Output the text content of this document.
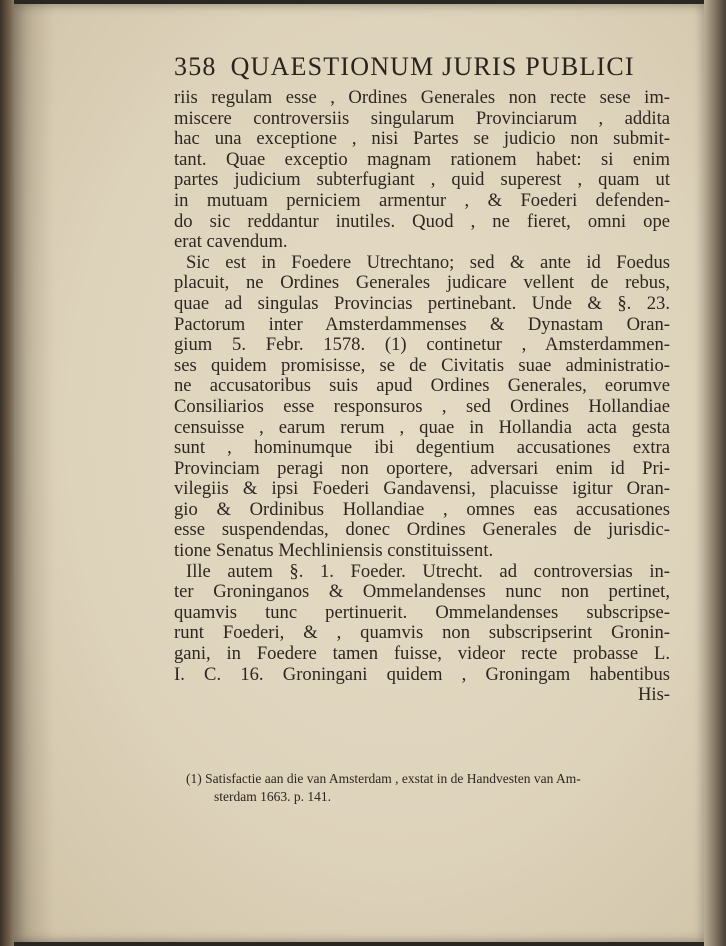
358 QUAESTIONUM JURIS PUBLICI
riis regulam esse , Ordines Generales non recte sese im-
miscere controversiis singularum Provinciarum , addita
hac una exceptione , nisi Partes se judicio non submit-
tant. Quae exceptio magnam rationem habet: si enim
partes judicium subterfugiant , quid superest , quam ut
in mutuam perniciem armentur , & Foederi defenden-
do sic reddantur inutiles. Quod , ne fieret, omni ope
erat cavendum.
Sic est in Foedere Utrechtano; sed & ante id Foedus
placuit, ne Ordines Generales judicare vellent de rebus,
quae ad singulas Provincias pertinebant. Unde & §. 23.
Pactorum inter Amsterdammenses & Dynastam Oran-
gium 5. Febr. 1578. (1) continetur , Amsterdammen-
ses quidem promisisse, se de Civitatis suae administratio-
ne accusatoribus suis apud Ordines Generales, eorumve
Consiliarios esse responsuros , sed Ordines Hollandiae
censuisse , earum rerum , quae in Hollandia acta gesta
sunt , hominumque ibi degentium accusationes extra
Provinciam peragi non oportere, adversari enim id Pri-
vilegiis & ipsi Foederi Gandavensi, placuisse igitur Oran-
gio & Ordinibus Hollandiae , omnes eas accusationes
esse suspendendas, donec Ordines Generales de jurisdic-
tione Senatus Mechliniensis constituissent.
Ille autem §. 1. Foeder. Utrecht. ad controversias in-
ter Groninganos & Ommelandenses nunc non pertinet,
quamvis tunc pertinuerit. Ommelandenses subscripse-
runt Foederi, & , quamvis non subscripserint Gronin-
gani, in Foedere tamen fuisse, videor recte probasse L.
I. C. 16. Groningani quidem , Groningam habentibus
His-
(1) Satisfactie aan die van Amsterdam , exstat in de Handvesten van Am-
sterdam 1663. p. 141.
